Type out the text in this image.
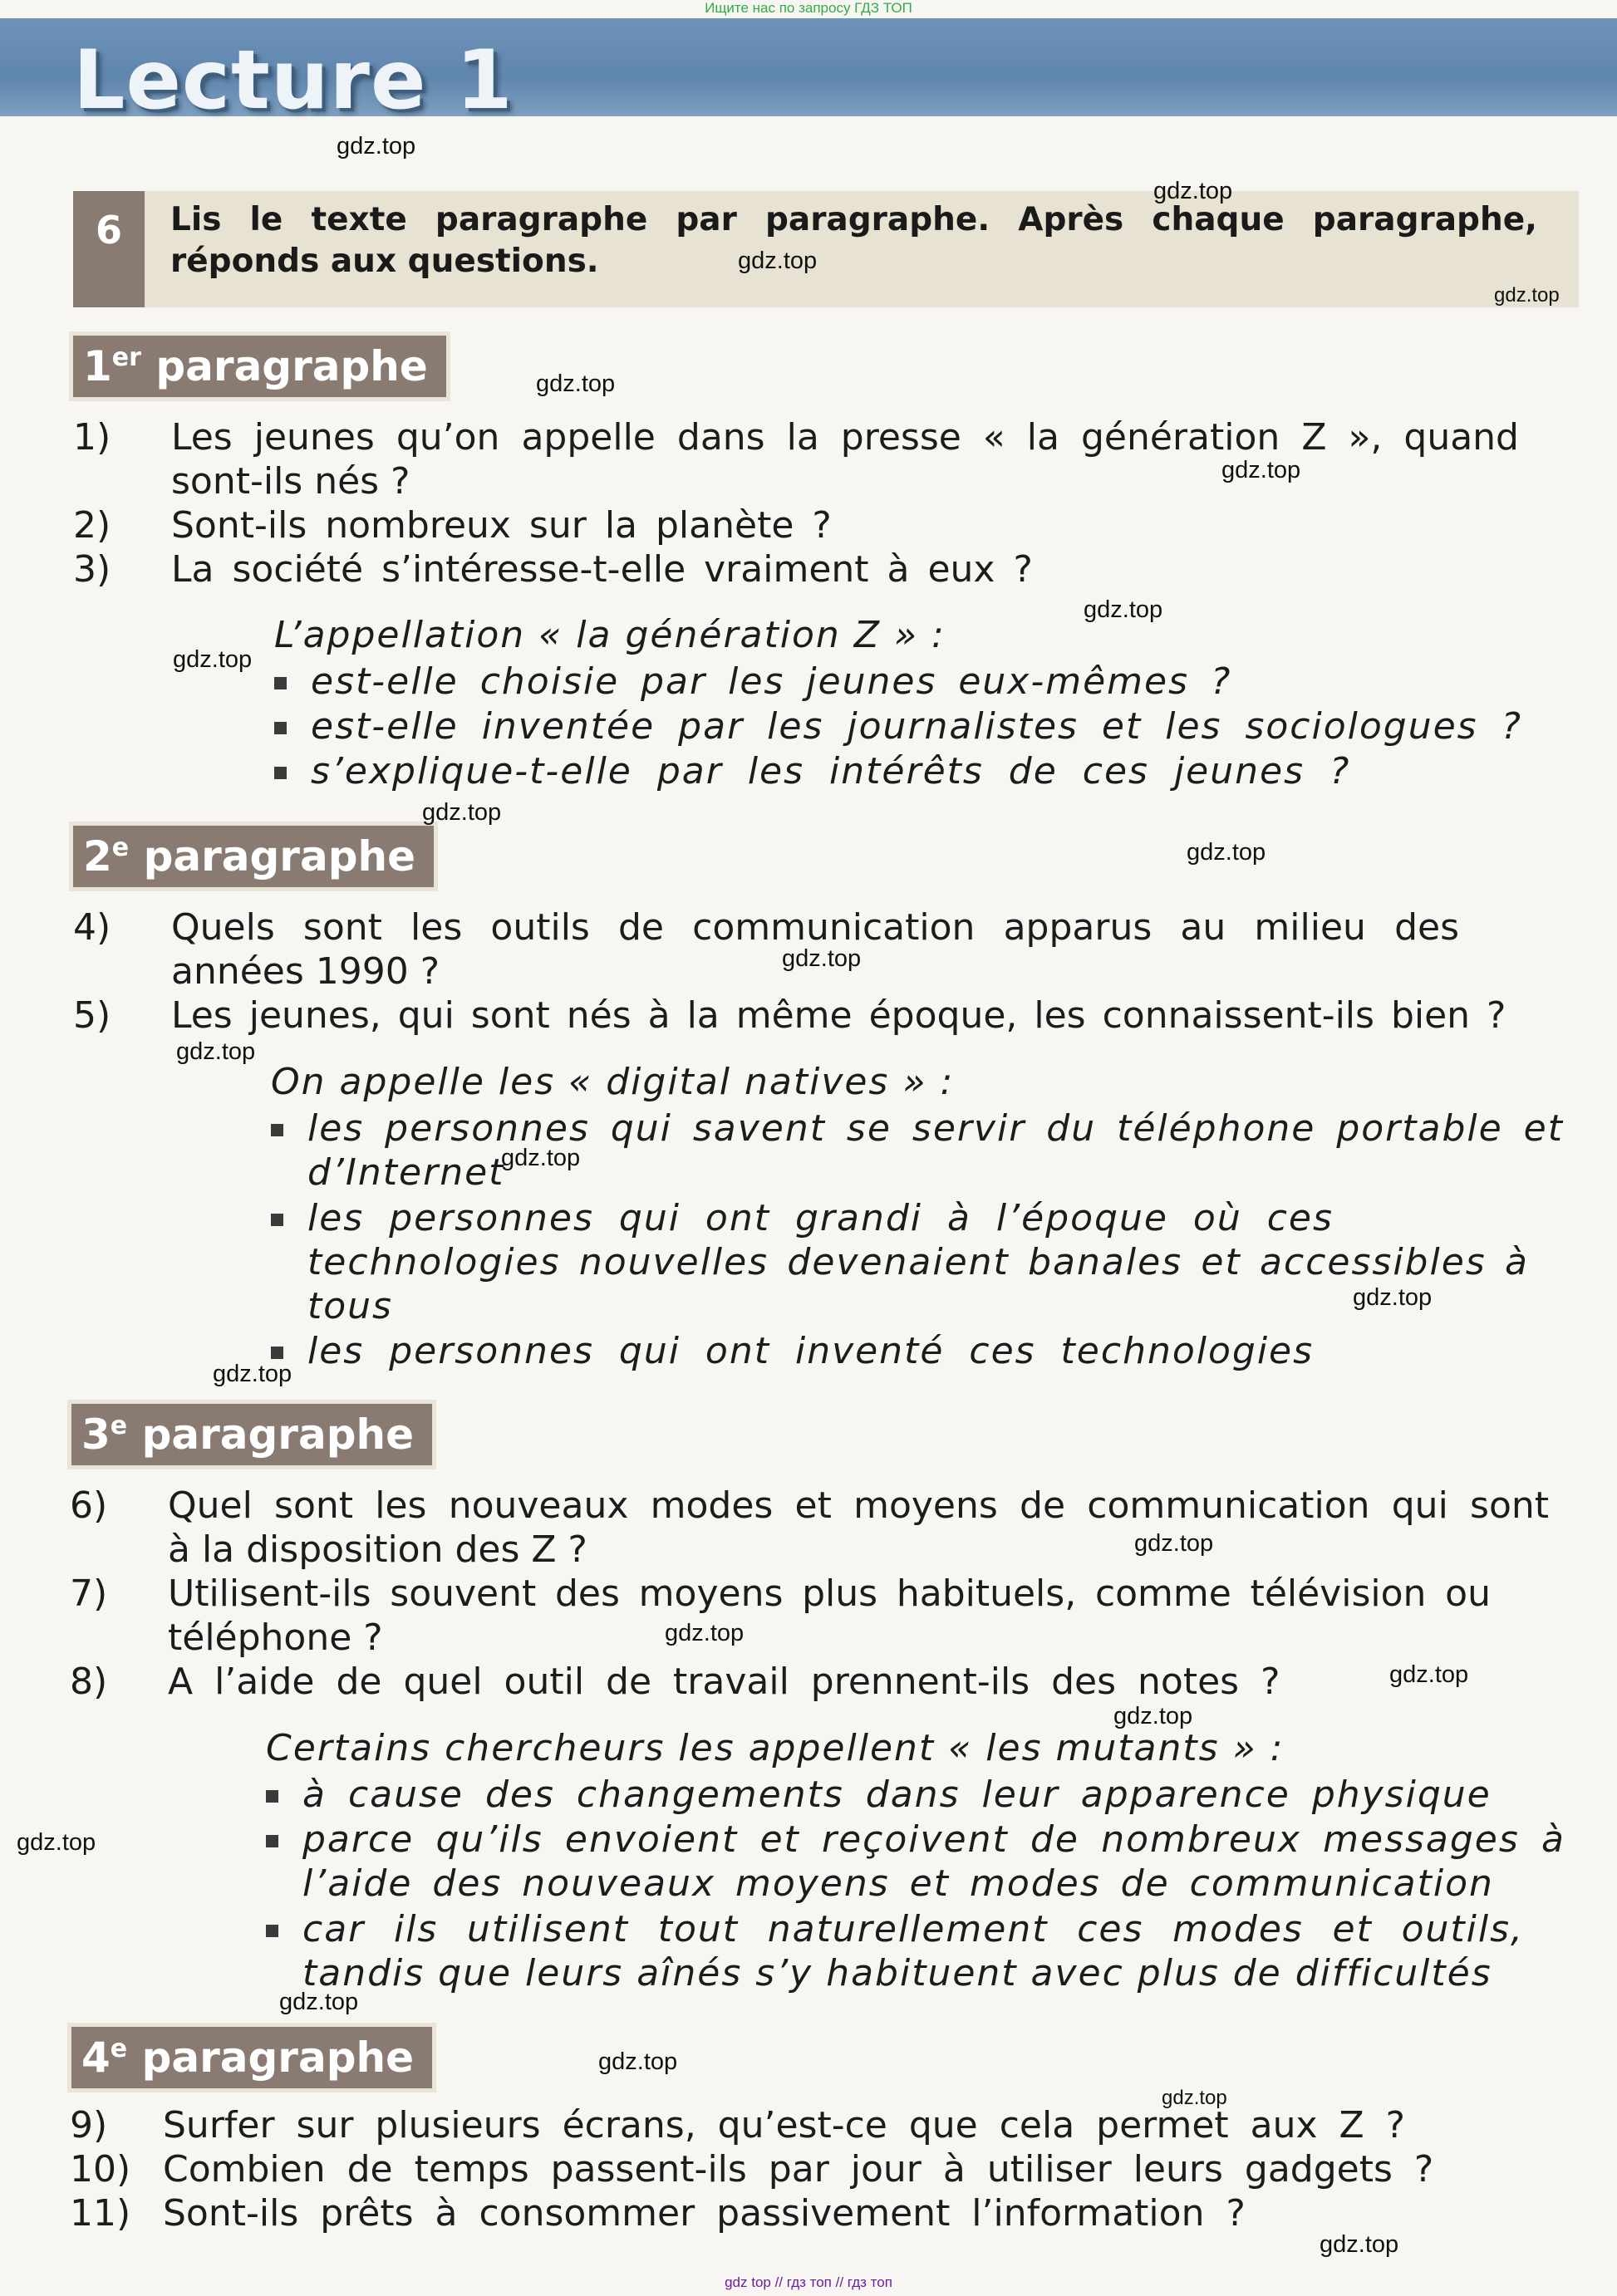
Ищите нас по запросу ГДЗ ТОП
Lecture 1
6	Lis le texte paragraphe par paragraphe. Après chaque paragraphe, réponds aux questions.
1er paragraphe
1) Les jeunes qu’on appelle dans la presse « la génération Z », quand
sont-ils nés ?
2) Sont-ils nombreux sur la planète ?
3) La société s’intéresse-t-elle vraiment à eux ?
L’appellation « la génération Z » :
est-elle choisie par les jeunes eux-mêmes ?
est-elle inventée par les journalistes et les sociologues ?
s’explique-t-elle par les intérêts de ces jeunes ?
2e paragraphe
4) Quels sont les outils de communication apparus au milieu des
années 1990 ?
5) Les jeunes, qui sont nés à la même époque, les connaissent-ils bien ?
On appelle les « digital natives » :
les personnes qui savent se servir du téléphone portable et
d’Internet
les personnes qui ont grandi à l’époque où ces
technologies nouvelles devenaient banales et accessibles à
tous
les personnes qui ont inventé ces technologies
3e paragraphe
6) Quel sont les nouveaux modes et moyens de communication qui sont
à la disposition des Z ?
7) Utilisent-ils souvent des moyens plus habituels, comme télévision ou
téléphone ?
8) A l’aide de quel outil de travail prennent-ils des notes ?
Certains chercheurs les appellent « les mutants » :
à cause des changements dans leur apparence physique
parce qu’ils envoient et reçoivent de nombreux messages à
l’aide des nouveaux moyens et modes de communication
car ils utilisent tout naturellement ces modes et outils,
tandis que leurs aînés s’y habituent avec plus de difficultés
4e paragraphe
9) Surfer sur plusieurs écrans, qu’est-ce que cela permet aux Z ?
10) Combien de temps passent-ils par jour à utiliser leurs gadgets ?
11) Sont-ils prêts à consommer passivement l’information ?
gdz.top
gdz.top
gdz.top
gdz.top
gdz.top
gdz.top
gdz.top
gdz.top
gdz.top
gdz.top
gdz.top
gdz.top
gdz.top
gdz.top
gdz.top
gdz.top
gdz.top
gdz.top
gdz.top
gdz.top
gdz.top
gdz.top
gdz.top
gdz.top
gdz top // гдз топ // гдз топ
